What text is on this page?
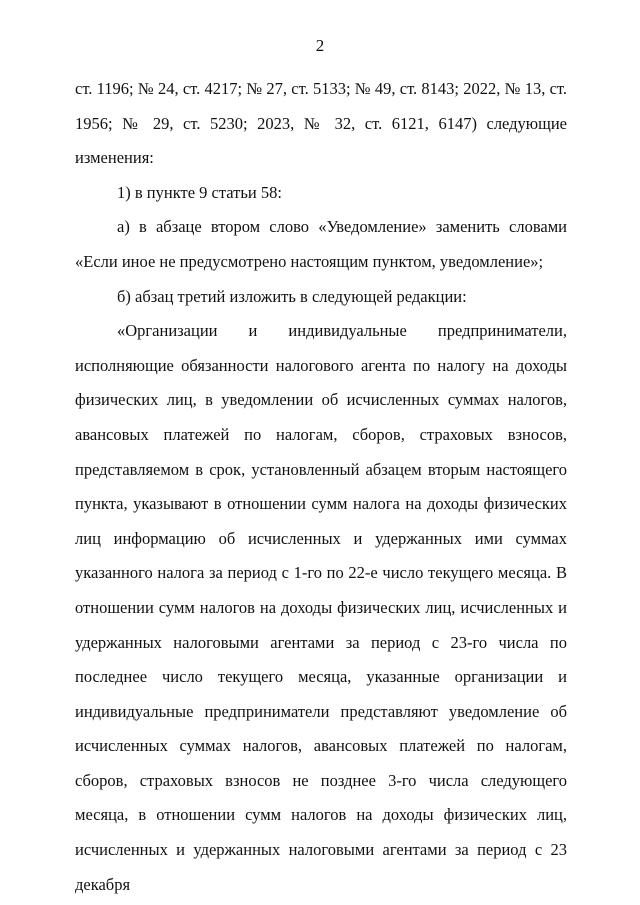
2

ст. 1196; № 24, ст. 4217; № 27, ст. 5133; № 49, ст. 8143; 2022, № 13, ст. 1956; № 29, ст. 5230; 2023, № 32, ст. 6121, 6147) следующие изменения:

1) в пункте 9 статьи 58:

а) в абзаце втором слово «Уведомление» заменить словами «Если иное не предусмотрено настоящим пунктом, уведомление»;

б) абзац третий изложить в следующей редакции:

«Организации и индивидуальные предприниматели, исполняющие обязанности налогового агента по налогу на доходы физических лиц, в уведомлении об исчисленных суммах налогов, авансовых платежей по налогам, сборов, страховых взносов, представляемом в срок, установленный абзацем вторым настоящего пункта, указывают в отношении сумм налога на доходы физических лиц информацию об исчисленных и удержанных ими суммах указанного налога за период с 1-го по 22-е число текущего месяца. В отношении сумм налогов на доходы физических лиц, исчисленных и удержанных налоговыми агентами за период с 23-го числа по последнее число текущего месяца, указанные организации и индивидуальные предприниматели представляют уведомление об исчисленных суммах налогов, авансовых платежей по налогам, сборов, страховых взносов не позднее 3-го числа следующего месяца, в отношении сумм налогов на доходы физических лиц, исчисленных и удержанных налоговыми агентами за период с 23 декабря
